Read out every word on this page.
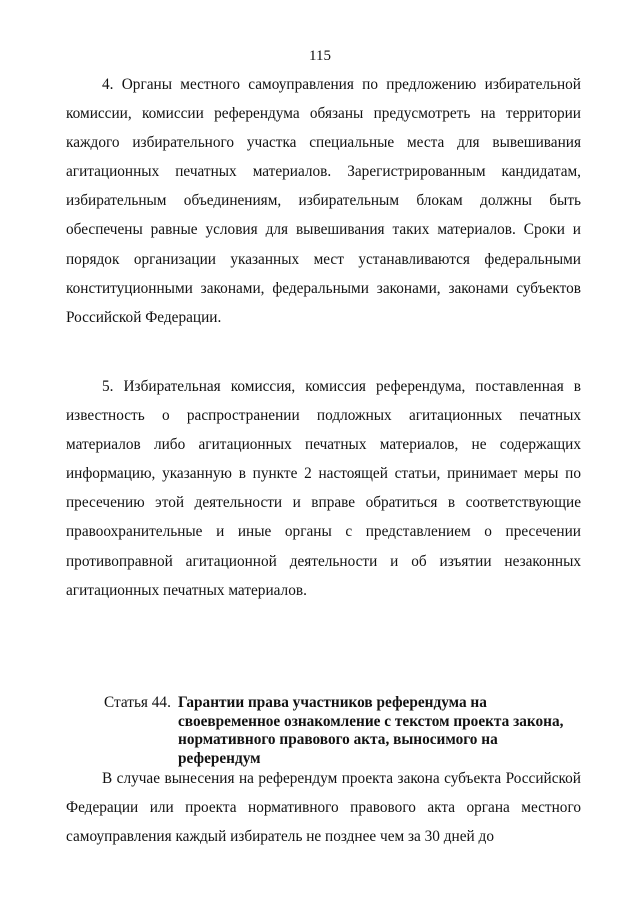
115

4. Органы местного самоуправления по предложению избирательной комиссии, комиссии референдума обязаны предусмотреть на территории каждого избирательного участка специальные места для вывешивания агитационных печатных материалов. Зарегистрированным кандидатам, избирательным объединениям, избирательным блокам должны быть обеспечены равные условия для вывешивания таких материалов. Сроки и порядок организации указанных мест устанавливаются федеральными конституционными законами, федеральными законами, законами субъектов Российской Федерации.

5. Избирательная комиссия, комиссия референдума, поставленная в известность о распространении подложных агитационных печатных материалов либо агитационных печатных материалов, не содержащих информацию, указанную в пункте 2 настоящей статьи, принимает меры по пресечению этой деятельности и вправе обратиться в соответствующие правоохранительные и иные органы с представлением о пресечении противоправной агитационной деятельности и об изъятии незаконных агитационных печатных материалов.

Статья 44. Гарантии права участников референдума на своевременное ознакомление с текстом проекта закона, нормативного правового акта, выносимого на референдум

В случае вынесения на референдум проекта закона субъекта Российской Федерации или проекта нормативного правового акта органа местного самоуправления каждый избиратель не позднее чем за 30 дней до
